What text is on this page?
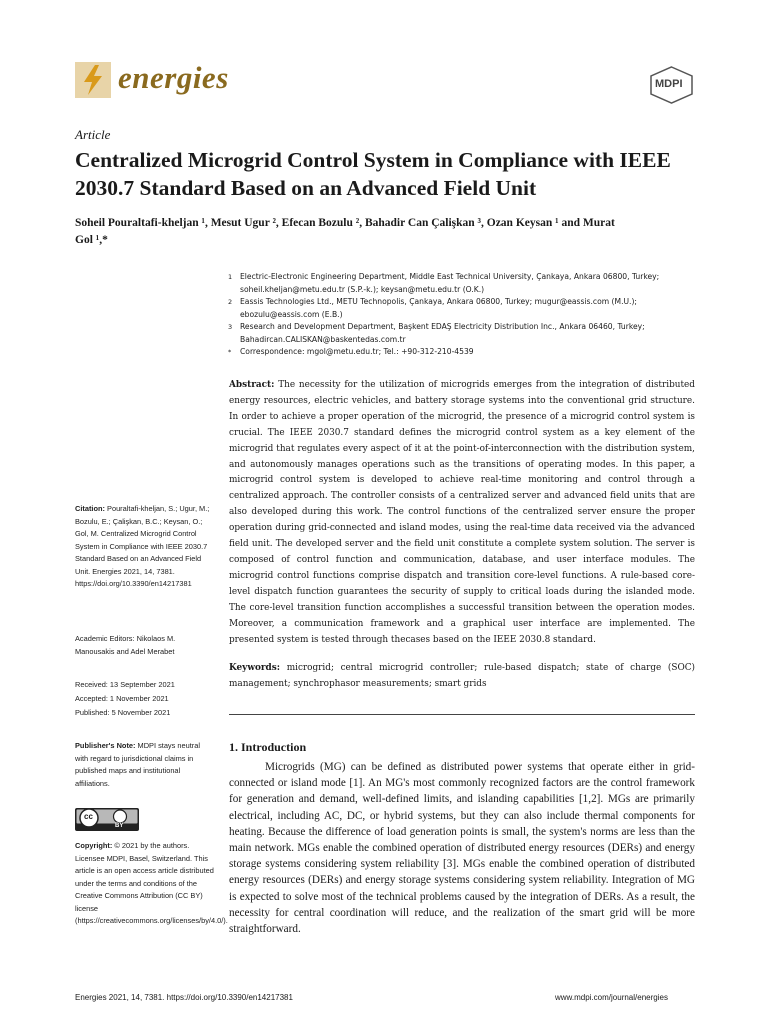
energies	MDPI
Article
Centralized Microgrid Control System in Compliance with IEEE 2030.7 Standard Based on an Advanced Field Unit
Soheil Pouraltafi-kheljan ¹, Mesut Ugur ², Efecan Bozulu ², Bahadir Can Çalişkan ³, Ozan Keysan ¹ and Murat Gol ¹,*
1 Electric-Electronic Engineering Department, Middle East Technical University, Çankaya, Ankara 06800, Turkey; soheil.kheljan@metu.edu.tr (S.P.-k.); keysan@metu.edu.tr (O.K.)
2 Eassis Technologies Ltd., METU Technopolis, Çankaya, Ankara 06800, Turkey; mugur@eassis.com (M.U.); ebozulu@eassis.com (E.B.)
3 Research and Development Department, Başkent EDAŞ Electricity Distribution Inc., Ankara 06460, Turkey; Bahadircan.CALISKAN@baskentedas.com.tr
* Correspondence: mgol@metu.edu.tr; Tel.: +90-312-210-4539
Abstract: The necessity for the utilization of microgrids emerges from the integration of distributed energy resources, electric vehicles, and battery storage systems into the conventional grid structure. In order to achieve a proper operation of the microgrid, the presence of a microgrid control system is crucial. The IEEE 2030.7 standard defines the microgrid control system as a key element of the microgrid that regulates every aspect of it at the point-of-interconnection with the distribution system, and autonomously manages operations such as the transitions of operating modes. In this paper, a microgrid control system is developed to achieve real-time monitoring and control through a centralized approach. The controller consists of a centralized server and advanced field units that are also developed during this work. The control functions of the centralized server ensure the proper operation during grid-connected and island modes, using the real-time data received via the advanced field unit. The developed server and the field unit constitute a complete system solution. The server is composed of control function and communication, database, and user interface modules. The microgrid control functions comprise dispatch and transition core-level functions. A rule-based core-level dispatch function guarantees the security of supply to critical loads during the islanded mode. The core-level transition function accomplishes a successful transition between the operation modes. Moreover, a communication framework and a graphical user interface are implemented. The presented system is tested through thecases based on the IEEE 2030.8 standard.
Keywords: microgrid; central microgrid controller; rule-based dispatch; state of charge (SOC) management; synchrophasor measurements; smart grids
Citation: Pouraltafi-kheljan, S.; Ugur, M.; Bozulu, E.; Çalişkan, B.C.; Keysan, O.; Gol, M. Centralized Microgrid Control System in Compliance with IEEE 2030.7 Standard Based on an Advanced Field Unit. Energies 2021, 14, 7381. https://doi.org/10.3390/en14217381
Academic Editors: Nikolaos M. Manousakis and Adel Merabet
Received: 13 September 2021
Accepted: 1 November 2021
Published: 5 November 2021
Publisher's Note: MDPI stays neutral with regard to jurisdictional claims in published maps and institutional affiliations.
cc
BY
Copyright: © 2021 by the authors. Licensee MDPI, Basel, Switzerland. This article is an open access article distributed under the terms and conditions of the Creative Commons Attribution (CC BY) license (https://creativecommons.org/licenses/by/4.0/).
1. Introduction
Microgrids (MG) can be defined as distributed power systems that operate either in grid-connected or island mode [1]. An MG's most commonly recognized factors are the control framework for generation and demand, well-defined limits, and islanding capabilities [1,2]. MGs are primarily electrical, including AC, DC, or hybrid systems, but they can also include thermal components for heating. Because the difference of load generation points is small, the system's norms are less than the main network. MGs enable the combined operation of distributed energy resources (DERs) and energy storage systems considering system reliability [3]. MGs enable the combined operation of distributed energy resources (DERs) and energy storage systems considering system reliability. Integration of MG is expected to solve most of the technical problems caused by the integration of DERs. As a result, the necessity for central coordination will reduce, and the realization of the smart grid will be more straightforward.
Energies 2021, 14, 7381. https://doi.org/10.3390/en14217381	www.mdpi.com/journal/energies
